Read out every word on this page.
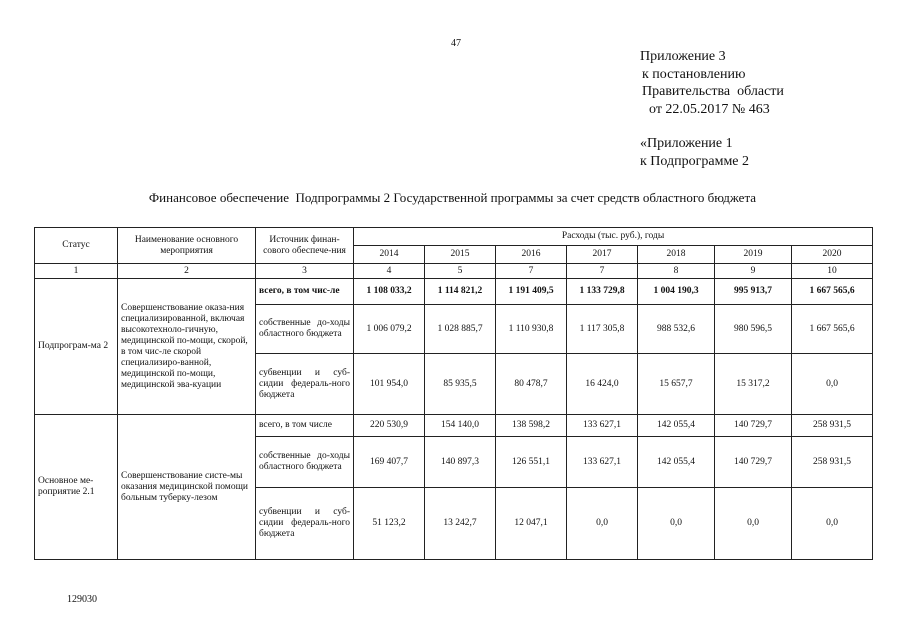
47
Приложение 3
к постановлению
Правительства  области
от 22.05.2017 № 463
«Приложение 1
к Подпрограмме 2
Финансовое обеспечение  Подпрограммы 2 Государственной программы за счет средств областного бюджета
Статус	Наименование основного мероприятия	Источник финан-сового обеспече-ния	Расходы (тыс. руб.), годы						
			2014	2015	2016	2017	2018	2019	2020
1	2	3	4	5	7	7	8	9	10
Подпрограм-ма 2	Совершенствование оказа-ния специализированной, включая высокотехноло-гичную, медицинской по-мощи, скорой, в том чис-ле скорой специализиро-ванной, медицинской по-мощи, медицинской эва-куации	всего, в том чис-ле	1 108 033,2	1 114 821,2	1 191 409,5	1 133 729,8	1 004 190,3	995 913,7	1 667 565,6
		собственные до-ходы областного бюджета	1 006 079,2	1 028 885,7	1 110 930,8	1 117 305,8	988 532,6	980 596,5	1 667 565,6
		субвенции и суб-сидии федераль-ного бюджета	101 954,0	85 935,5	80 478,7	16 424,0	15 657,7	15 317,2	0,0
Основное ме-роприятие 2.1	Совершенствование систе-мы оказания медицинской помощи больным туберку-лезом	всего, в том числе	220 530,9	154 140,0	138 598,2	133 627,1	142 055,4	140 729,7	258 931,5
		собственные до-ходы областного бюджета	169 407,7	140 897,3	126 551,1	133 627,1	142 055,4	140 729,7	258 931,5
		субвенции и суб-сидии федераль-ного бюджета	51 123,2	13 242,7	12 047,1	0,0	0,0	0,0	0,0
129030
